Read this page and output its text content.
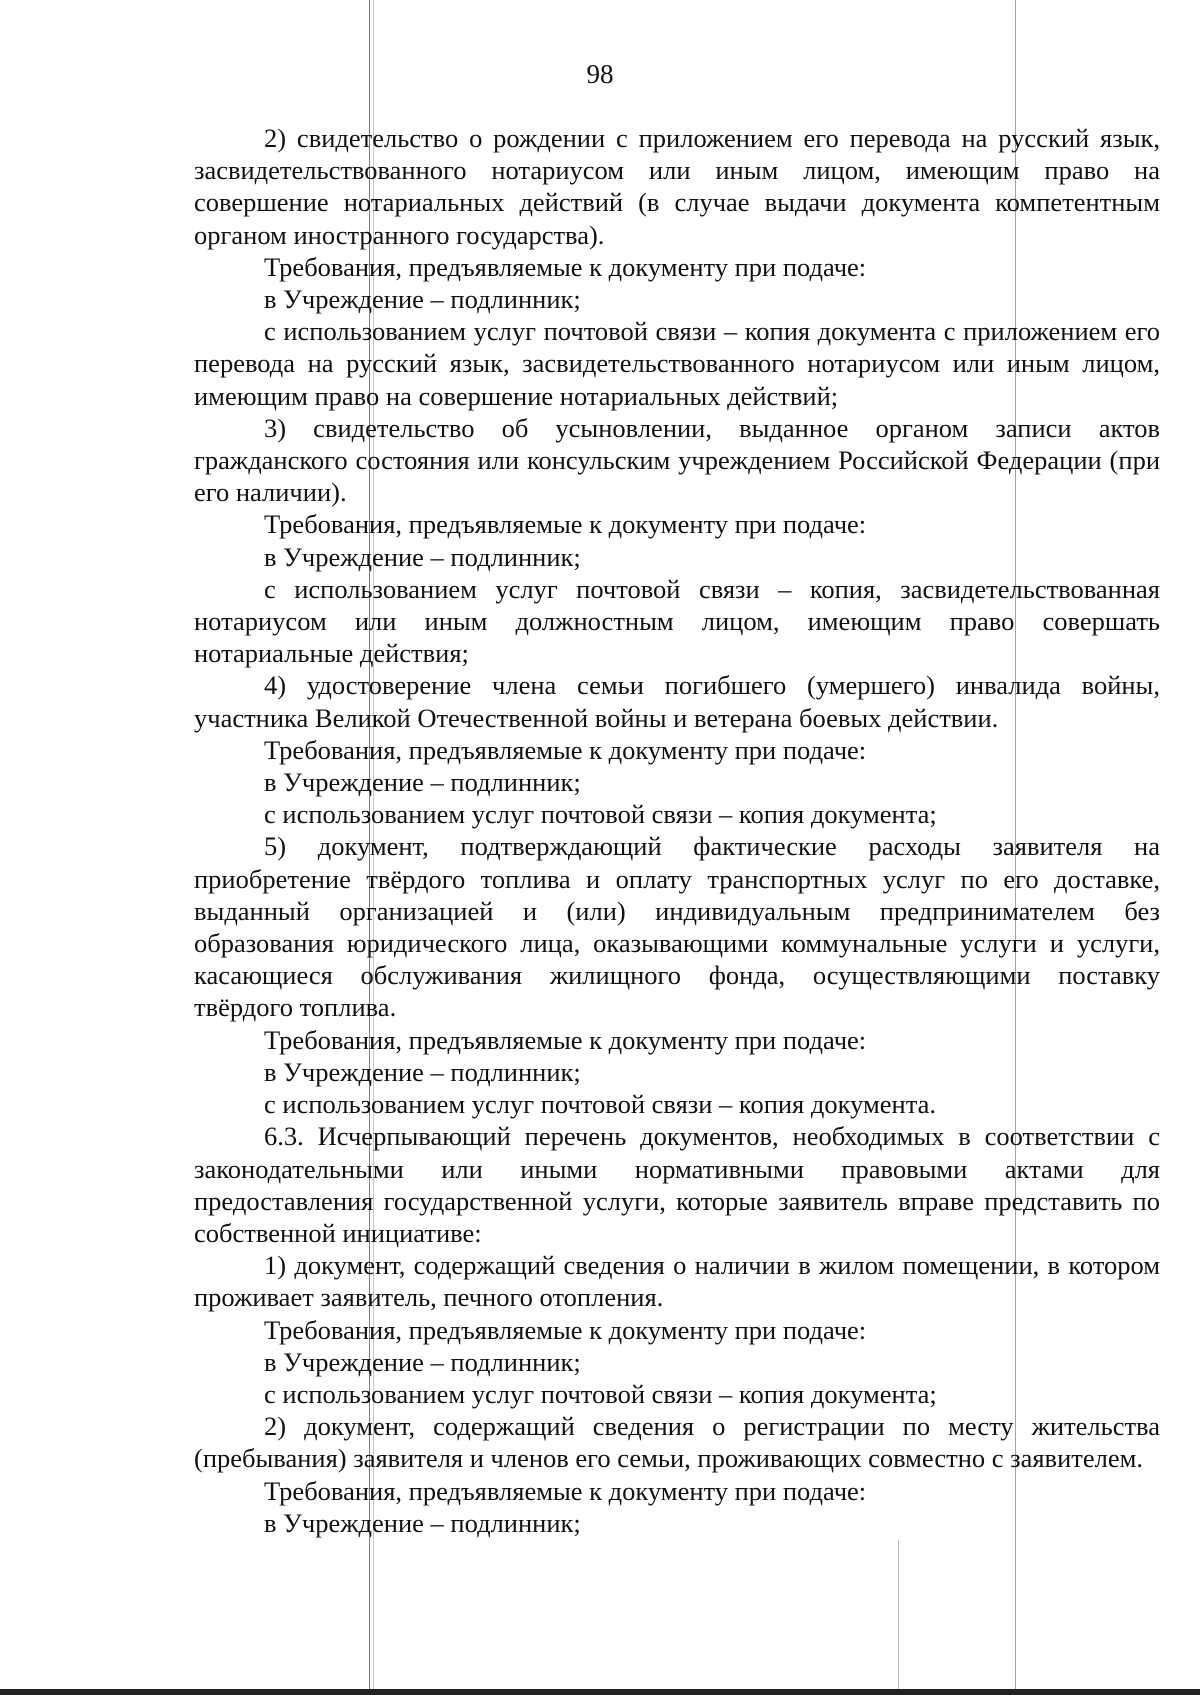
98

2) свидетельство о рождении с приложением его перевода на русский язык, засвидетельствованного нотариусом или иным лицом, имеющим право на совершение нотариальных действий (в случае выдачи документа компетентным органом иностранного государства).

Требования, предъявляемые к документу при подаче:

в Учреждение – подлинник;

с использованием услуг почтовой связи – копия документа с приложением его перевода на русский язык, засвидетельствованного нотариусом или иным лицом, имеющим право на совершение нотариальных действий;

3) свидетельство об усыновлении, выданное органом записи актов гражданского состояния или консульским учреждением Российской Федерации (при его наличии).

Требования, предъявляемые к документу при подаче:

в Учреждение – подлинник;

с использованием услуг почтовой связи – копия, засвидетельствованная нотариусом или иным должностным лицом, имеющим право совершать нотариальные действия;

4) удостоверение члена семьи погибшего (умершего) инвалида войны, участника Великой Отечественной войны и ветерана боевых действии.

Требования, предъявляемые к документу при подаче:

в Учреждение – подлинник;

с использованием услуг почтовой связи – копия документа;

5) документ, подтверждающий фактические расходы заявителя на приобретение твёрдого топлива и оплату транспортных услуг по его доставке, выданный организацией и (или) индивидуальным предпринимателем без образования юридического лица, оказывающими коммунальные услуги и услуги, касающиеся обслуживания жилищного фонда, осуществляющими поставку твёрдого топлива.

Требования, предъявляемые к документу при подаче:

в Учреждение – подлинник;

с использованием услуг почтовой связи – копия документа.

6.3. Исчерпывающий перечень документов, необходимых в соответствии с законодательными или иными нормативными правовыми актами для предоставления государственной услуги, которые заявитель вправе представить по собственной инициативе:

1) документ, содержащий сведения о наличии в жилом помещении, в котором проживает заявитель, печного отопления.

Требования, предъявляемые к документу при подаче:

в Учреждение – подлинник;

с использованием услуг почтовой связи – копия документа;

2) документ, содержащий сведения о регистрации по месту жительства (пребывания) заявителя и членов его семьи, проживающих совместно с заявителем.

Требования, предъявляемые к документу при подаче:

в Учреждение – подлинник;
